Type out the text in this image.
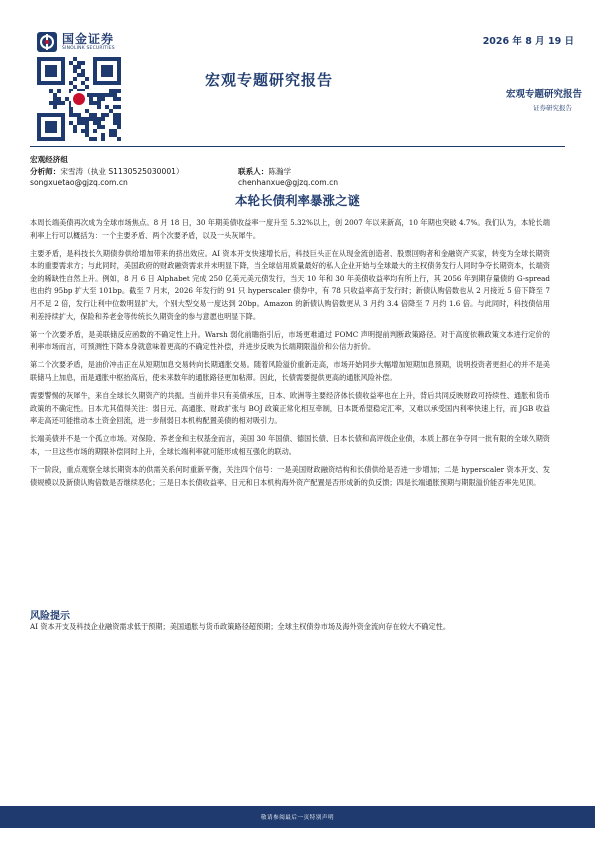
国金证券
SINOLINK SECURITIES
2026 年 8 月 19 日
宏观专题研究报告
宏观专题研究报告
证券研究报告
宏观经济组
分析师：宋雪涛（执业 S1130525030001）	联系人：陈瀚学
songxuetao@gjzq.com.cn	chenhanxue@gjzq.com.cn
本轮长债利率暴涨之谜

本周长端美债再次成为全球市场焦点。8 月 18 日，30 年期美债收益率一度升至 5.32%以上，创 2007 年以来新高，10 年期也突破 4.7%。我们认为，本轮长端利率上行可以概括为：一个主要矛盾、两个次要矛盾，以及一头灰犀牛。

主要矛盾，是科技长久期债券供给增加带来的挤出效应。AI 资本开支快速增长后，科技巨头正在从现金流创造者、股票回购者和金融资产买家，转变为全球长期资本的重要需求方；与此同时，美国政府的财政融资需求并未明显下降，当全球信用质量最好的私人企业开始与全球最大的主权债务发行人同时争夺长期资本，长端资金的稀缺性自然上升。例如，8 月 6 日 Alphabet 完成 250 亿美元美元债发行，当天 10 年和 30 年美债收益率均有所上行，其 2056 年到期存量债的 G-spread 也由约 95bp 扩大至 101bp。截至 7 月末，2026 年发行的 91 只 hyperscaler 债券中，有 78 只收益率高于发行时；新债认购倍数也从 2 月接近 5 倍下降至 7 月不足 2 倍，发行让利中位数明显扩大，个别大型交易一度达到 20bp。Amazon 的新债认购倍数更从 3 月约 3.4 倍降至 7 月约 1.6 倍。与此同时，科技债信用利差持续扩大，保险和养老金等传统长久期资金的参与意愿也明显下降。

第一个次要矛盾，是美联储反应函数的不确定性上升。Warsh 弱化前瞻指引后，市场更难通过 FOMC 声明提前判断政策路径。对于高度依赖政策文本进行定价的利率市场而言，可预测性下降本身就意味着更高的不确定性补偿，并进步反映为长端期限溢价和公信力折价。

第二个次要矛盾，是油价冲击正在从短期加息交易转向长期通胀交易。随着风险溢价重新走高，市场开始同步大幅增加短期加息预期，说明投资者更担心的并不是美联储马上加息，而是通胀中枢抬高后，使未来数年的通胀路径更加粘滞。因此，长债需要提供更高的通胀风险补偿。

需要警惕的灰犀牛，来自全球长久期资产的共振。当前并非只有美债承压，日本、欧洲等主要经济体长债收益率也在上升，背后共同反映财政可持续性、通胀和货币政策的不确定性。日本尤其值得关注：弱日元、高通胀、财政扩张与 BOJ 政策正常化相互牵制，日本既希望稳定汇率，又难以承受国内利率快速上行，而 JGB 收益率走高还可能推动本土资金回流，进一步削弱日本机构配置美债的相对吸引力。

长端美债并不是一个孤立市场。对保险、养老金和主权基金而言，美国 30 年国债、德国长债、日本长债和高评级企业债，本质上都在争夺同一批有限的全球久期资本，一旦这些市场的期限补偿同时上升，全球长端利率就可能形成相互强化的联动。

下一阶段，重点观察全球长期资本的供需关系何时重新平衡，关注四个信号：一是美国财政融资结构和长债供给是否进一步增加；二是 hyperscaler 资本开支、发债规模以及新债认购倍数是否继续恶化；三是日本长债收益率、日元和日本机构海外资产配置是否形成新的负反馈；四是长端通胀预期与期限溢价能否率先见顶。

风险提示
AI 资本开支及科技企业融资需求低于预期；美国通胀与货币政策路径超预期；全球主权债券市场及海外资金流向存在较大不确定性。
敬请参阅最后一页特别声明
